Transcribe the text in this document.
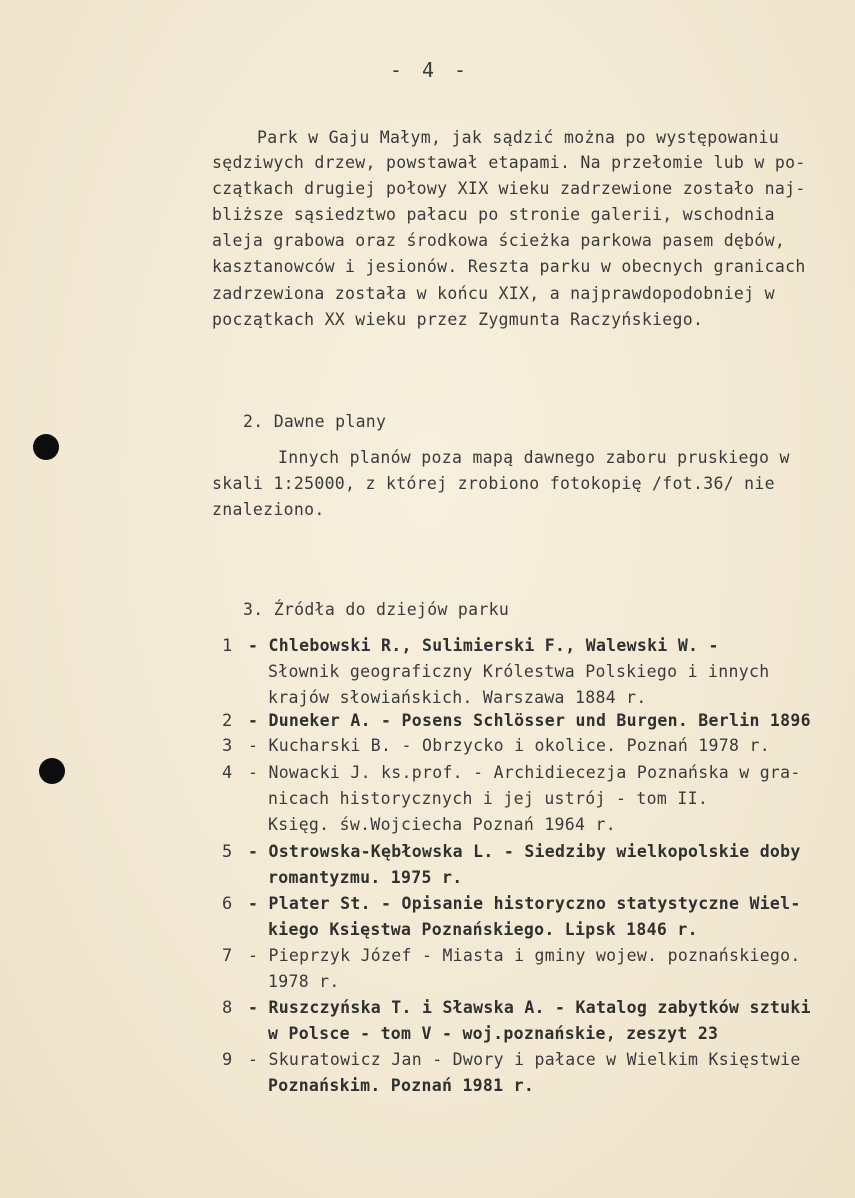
- 4 -
Park w Gaju Małym, jak sądzić można po występowaniu
sędziwych drzew, powstawał etapami. Na przełomie lub w po-
czątkach drugiej połowy XIX wieku zadrzewione zostało naj-
bliższe sąsiedztwo pałacu po stronie galerii, wschodnia
aleja grabowa oraz środkowa ścieżka parkowa pasem dębów,
kasztanowców i jesionów. Reszta parku w obecnych granicach
zadrzewiona została w końcu XIX, a najprawdopodobniej w
początkach XX wieku przez Zygmunta Raczyńskiego.
2. Dawne plany
Innych planów poza mapą dawnego zaboru pruskiego w
skali 1:25000, z której zrobiono fotokopię /fot.36/ nie
znaleziono.
3. Źródła do dziejów parku
1 - Chlebowski R., Sulimierski F., Walewski W. -
Słownik geograficzny Królestwa Polskiego i innych
krajów słowiańskich. Warszawa 1884 r.
2 - Duneker A. - Posens Schlösser und Burgen. Berlin 1896
3 - Kucharski B. - Obrzycko i okolice. Poznań 1978 r.
4 - Nowacki J. ks.prof. - Archidiecezja Poznańska w gra-
nicach historycznych i jej ustrój - tom II.
Księg. św.Wojciecha Poznań 1964 r.
5 - Ostrowska-Kębłowska L. - Siedziby wielkopolskie doby
romantyzmu. 1975 r.
6 - Plater St. - Opisanie historyczno statystyczne Wiel-
kiego Księstwa Poznańskiego. Lipsk 1846 r.
7 - Pieprzyk Józef - Miasta i gminy wojew. poznańskiego.
1978 r.
8 - Ruszczyńska T. i Sławska A. - Katalog zabytków sztuki
w Polsce - tom V - woj.poznańskie, zeszyt 23
9 - Skuratowicz Jan - Dwory i pałace w Wielkim Księstwie
Poznańskim. Poznań 1981 r.
